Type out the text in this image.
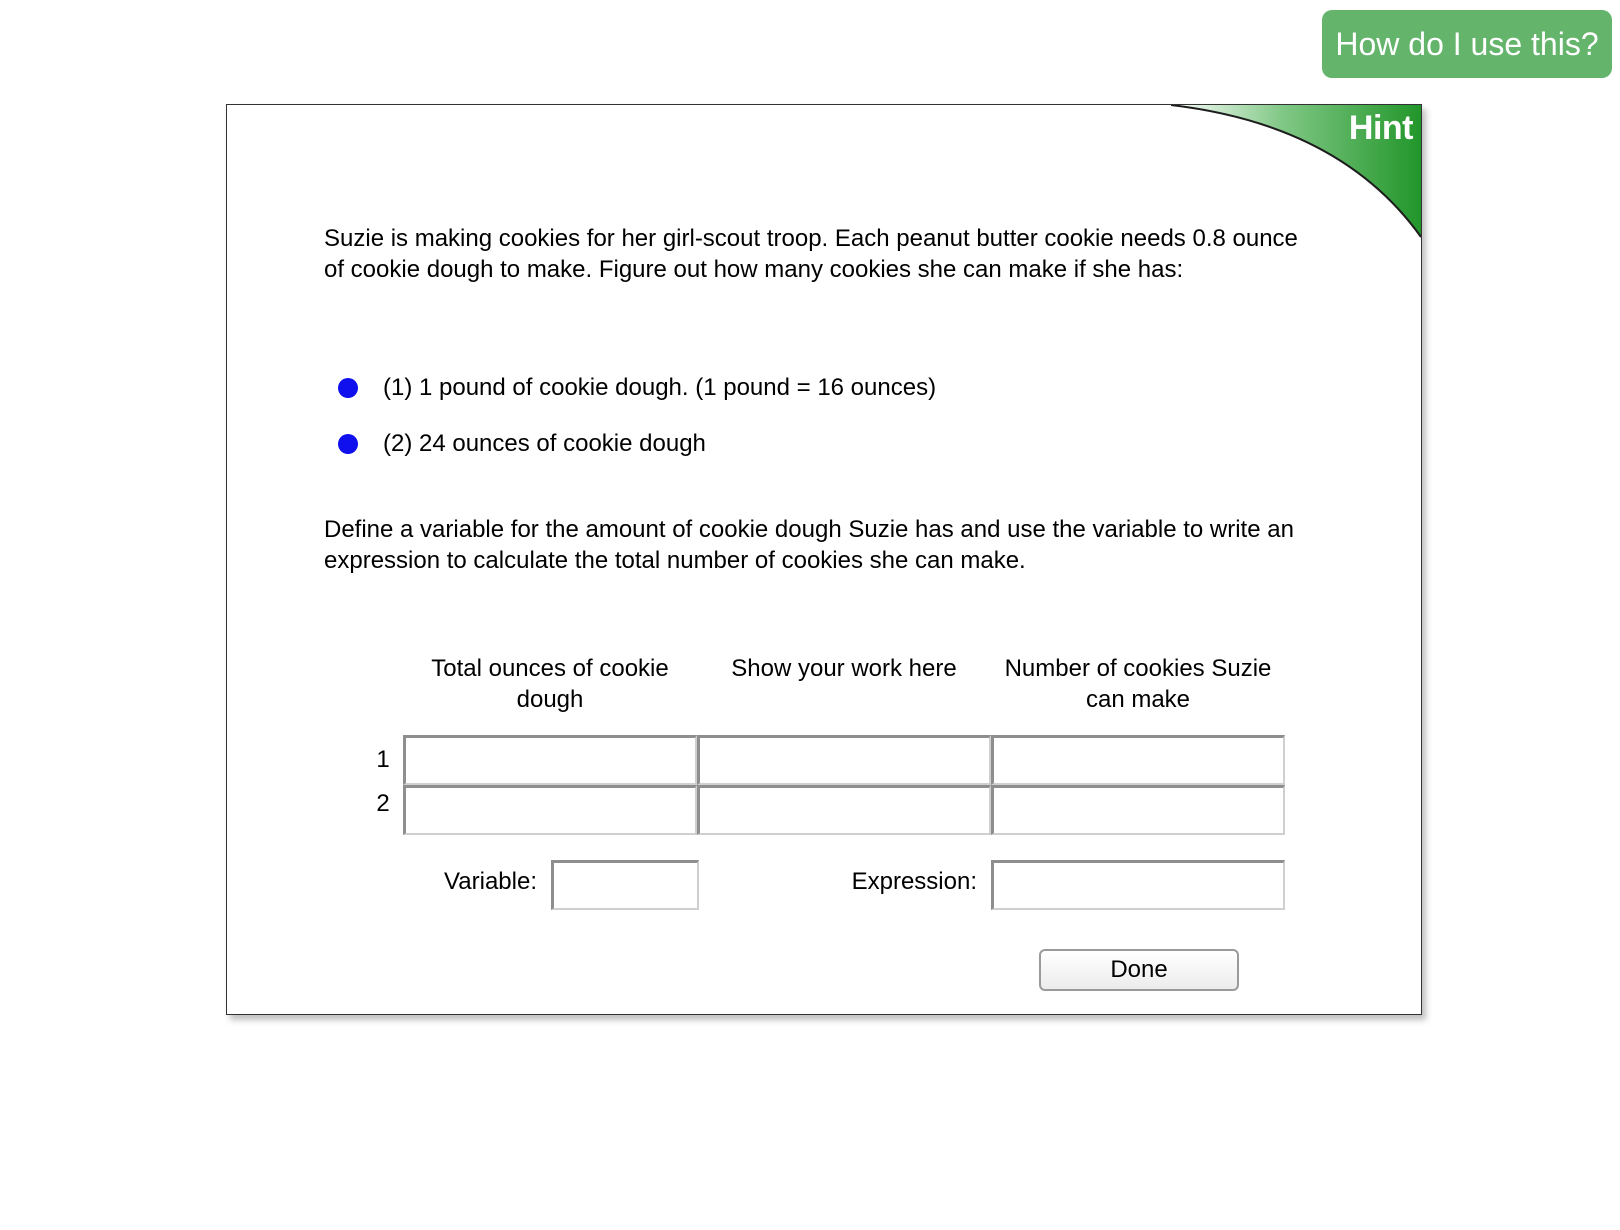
How do I use this?
Hint

Suzie is making cookies for her girl-scout troop. Each peanut butter cookie needs 0.8 ounce of cookie dough to make. Figure out how many cookies she can make if she has:

(1) 1 pound of cookie dough. (1 pound = 16 ounces)
(2) 24 ounces of cookie dough

Define a variable for the amount of cookie dough Suzie has and use the variable to write an expression to calculate the total number of cookies she can make.

Total ounces of cookie dough
Show your work here	Number of cookies Suzie can make
1
2
Variable:	Expression:
Done
